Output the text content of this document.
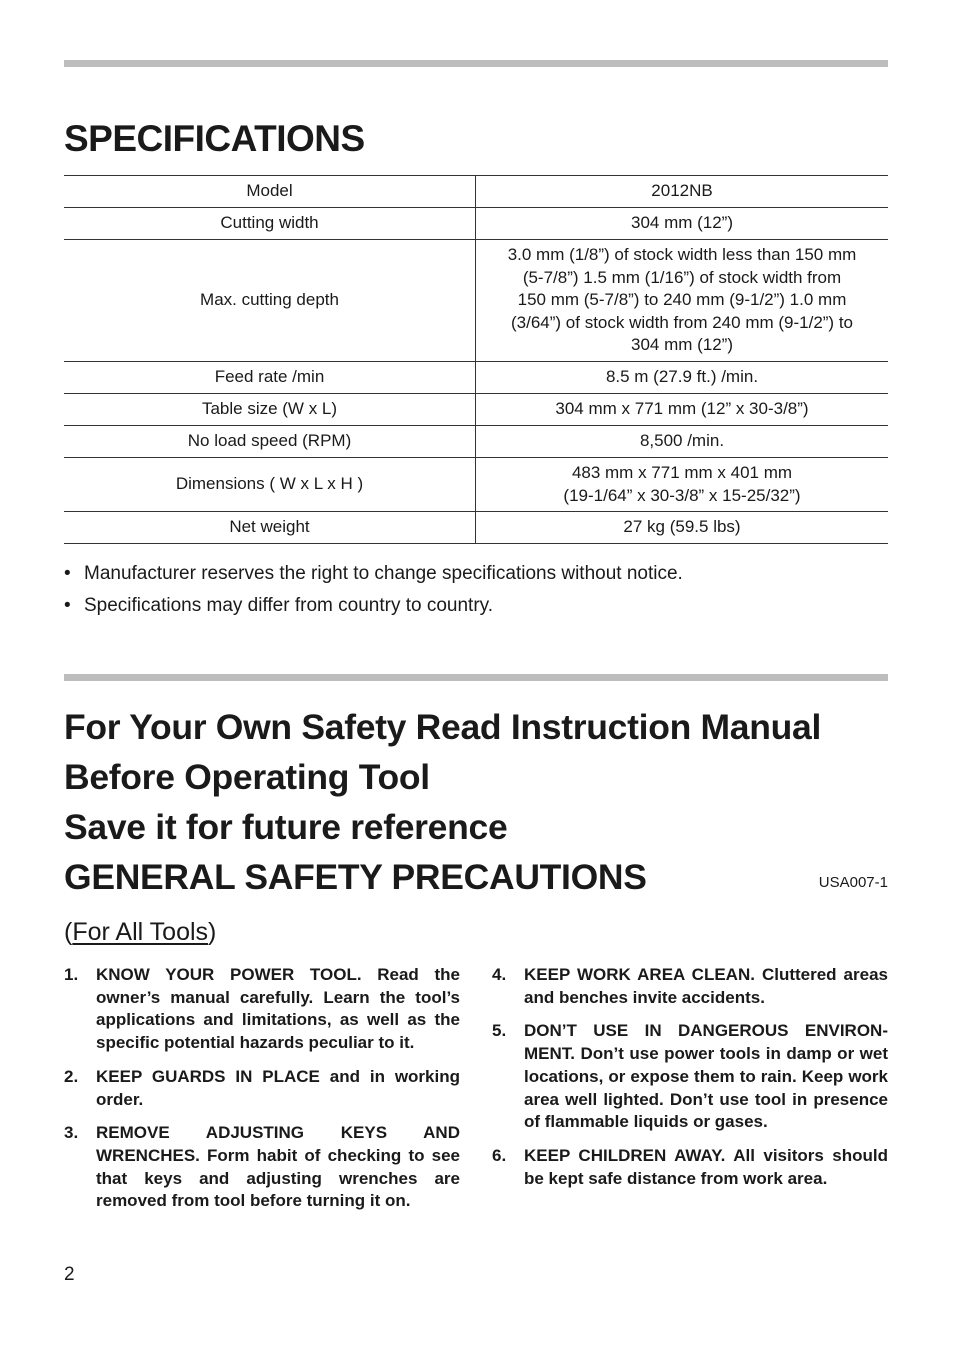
SPECIFICATIONS
Model	2012NB
Cutting width	304 mm (12”)
Max. cutting depth	3.0 mm (1/8”) of stock width less than 150 mm
(5-7/8”) 1.5 mm (1/16”) of stock width from
150 mm (5-7/8”) to 240 mm (9-1/2”) 1.0 mm
(3/64”) of stock width from 240 mm (9-1/2”) to
304 mm (12”)

Feed rate /min	8.5 m (27.9 ft.) /min.
Table size (W x L)	304 mm x 771 mm (12” x 30-3/8”)
No load speed (RPM)	8,500 /min.
Dimensions ( W x L x H )	483 mm x 771 mm x 401 mm
(19-1/64” x 30-3/8” x 15-25/32”)

Net weight	27 kg (59.5 lbs)
• Manufacturer reserves the right to change specifications without notice.
• Specifications may differ from country to country.
For Your Own Safety Read Instruction Manual
Before Operating Tool
Save it for future reference
GENERAL SAFETY PRECAUTIONS	USA007-1
(For All Tools)
1. KNOW YOUR POWER TOOL. Read the owner’s manual carefully. Learn the tool’s applications and limitations, as well as the specific potential hazards peculiar to it.
2. KEEP GUARDS IN PLACE and in working order.
3. REMOVE ADJUSTING KEYS AND WRENCHES. Form habit of checking to see that keys and adjusting wrenches are removed from tool before turning it on.
4. KEEP WORK AREA CLEAN. Cluttered areas and benches invite accidents.
5. DON’T USE IN DANGEROUS ENVIRON-MENT. Don’t use power tools in damp or wet locations, or expose them to rain. Keep work area well lighted. Don’t use tool in presence of flammable liquids or gases.
6. KEEP CHILDREN AWAY. All visitors should be kept safe distance from work area.
2
